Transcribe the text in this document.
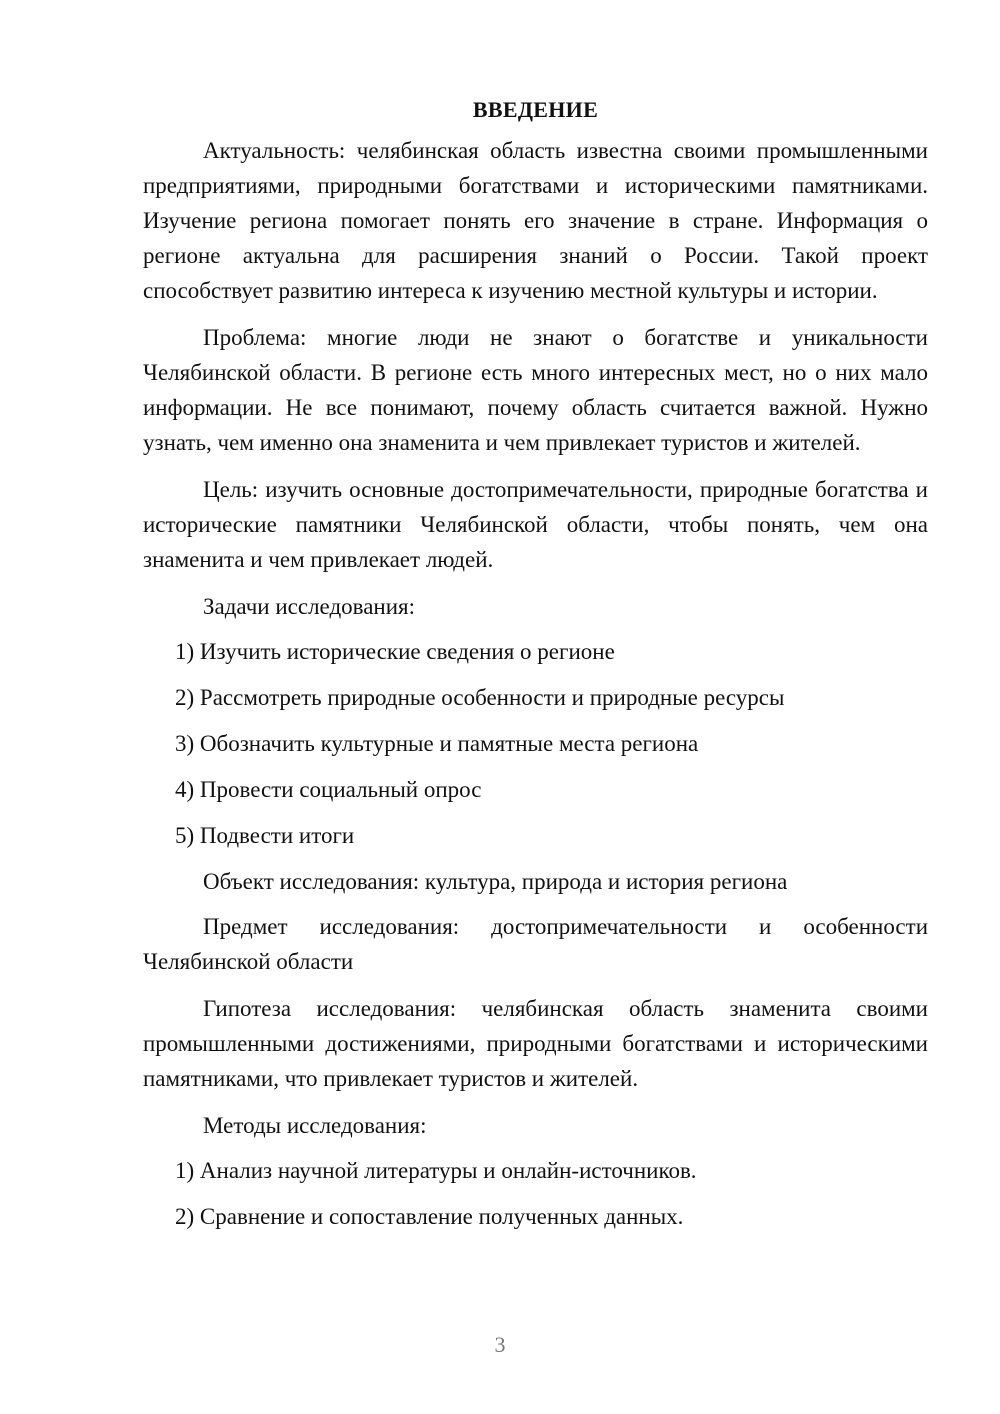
ВВЕДЕНИЕ

Актуальность: челябинская область известна своими промышленными предприятиями, природными богатствами и историческими памятниками. Изучение региона помогает понять его значение в стране. Информация о регионе актуальна для расширения знаний о России. Такой проект способствует развитию интереса к изучению местной культуры и истории.

Проблема: многие люди не знают о богатстве и уникальности Челябинской области. В регионе есть много интересных мест, но о них мало информации. Не все понимают, почему область считается важной. Нужно узнать, чем именно она знаменита и чем привлекает туристов и жителей.

Цель: изучить основные достопримечательности, природные богатства и исторические памятники Челябинской области, чтобы понять, чем она знаменита и чем привлекает людей.

Задачи исследования:

1) Изучить исторические сведения о регионе
2) Рассмотреть природные особенности и природные ресурсы
3) Обозначить культурные и памятные места региона
4) Провести социальный опрос
5) Подвести итоги

Объект исследования: культура, природа и история региона

Предмет исследования: достопримечательности и особенности Челябинской области

Гипотеза исследования: челябинская область знаменита своими промышленными достижениями, природными богатствами и историческими памятниками, что привлекает туристов и жителей.

Методы исследования:

1) Анализ научной литературы и онлайн-источников.
2) Сравнение и сопоставление полученных данных.
3
